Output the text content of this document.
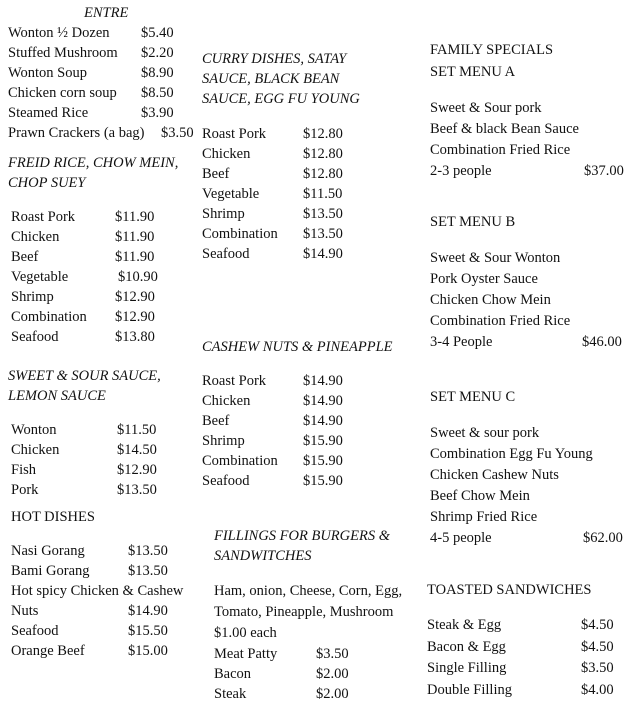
ENTRE
Wonton ½ Dozen $5.40
Stuffed Mushroom $2.20
Wonton Soup	$8.90
Chicken corn soup $8.50
Steamed Rice	$3.90
Prawn Crackers (a bag) $3.50
FREID RICE, CHOW MEIN,
CHOP SUEY
Roast Pork	$11.90
Chicken	$11.90
Beef	$11.90
Vegetable	$10.90
Shrimp	$12.90
Combination $12.90
Seafood	$13.80
SWEET & SOUR SAUCE,
LEMON SAUCE
Wonton	$11.50
Chicken	$14.50
Fish	$12.90
Pork	$13.50
HOT DISHES
Nasi Gorang	$13.50
Bami Gorang	$13.50
Hot spicy Chicken & Cashew
Nuts	$14.90
Seafood	$15.50
Orange Beef	$15.00
CURRY DISHES, SATAY
SAUCE, BLACK BEAN
SAUCE, EGG FU YOUNG
Roast Pork	$12.80
Chicken	$12.80
Beef	$12.80
Vegetable	$11.50
Shrimp	$13.50
Combination $13.50
Seafood	$14.90
CASHEW NUTS & PINEAPPLE
Roast Pork	$14.90
Chicken	$14.90
Beef	$14.90
Shrimp	$15.90
Combination $15.90
Seafood	$15.90
FILLINGS FOR BURGERS &
SANDWITCHES
Ham, onion, Cheese, Corn, Egg,
Tomato, Pineapple, Mushroom
$1.00 each
Meat Patty	$3.50
Bacon	$2.00
Steak	$2.00
FAMILY SPECIALS
SET MENU A
Sweet & Sour pork
Beef & black Bean Sauce
Combination Fried Rice
2-3 people	$37.00
SET MENU B
Sweet & Sour Wonton
Pork Oyster Sauce
Chicken Chow Mein
Combination Fried Rice
3-4 People	$46.00
SET MENU C
Sweet & sour pork
Combination Egg Fu Young
Chicken Cashew Nuts
Beef Chow Mein
Shrimp Fried Rice
4-5 people	$62.00
TOASTED SANDWICHES
Steak & Egg	$4.50
Bacon & Egg	$4.50
Single Filling	$3.50
Double Filling	$4.00
